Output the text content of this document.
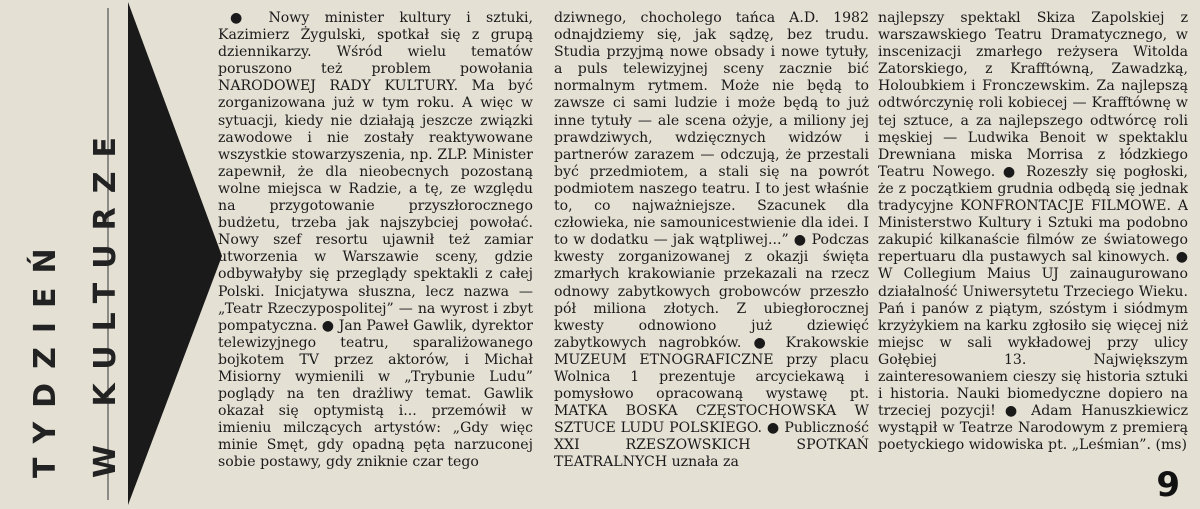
TYDZIEŃ W KULTURZE

● Nowy minister kultury i sztuki, Kazimierz Żygulski, spotkał się z grupą dziennikarzy. Wśród wielu tematów poruszono też problem powołania NARODOWEJ RADY KULTURY. Ma być zorganizowana już w tym roku. A więc w sytuacji, kiedy nie działają jeszcze związki zawodowe i nie zostały reaktywowane wszystkie stowarzyszenia, np. ZLP. Minister zapewnił, że dla nieobecnych pozostaną wolne miejsca w Radzie, a tę, ze względu na przygotowanie przyszłorocznego budżetu, trzeba jak najszybciej powołać. Nowy szef resortu ujawnił też zamiar utworzenia w Warszawie sceny, gdzie odbywałyby się przeglądy spektakli z całej Polski. Inicjatywa słuszna, lecz nazwa — „Teatr Rzeczypospolitej” — na wyrost i zbyt pompatyczna. ● Jan Paweł Gawlik, dyrektor telewizyjnego teatru, sparaliżowanego bojkotem TV przez aktorów, i Michał Misiorny wymienili w „Trybunie Ludu” poglądy na ten drażliwy temat. Gawlik okazał się optymistą i... przemówił w imieniu milczących artystów: „Gdy więc minie Smęt, gdy opadną pęta narzuconej sobie postawy, gdy zniknie czar tego

dziwnego, chocholego tańca A.D. 1982 odnajdziemy się, jak sądzę, bez trudu. Studia przyjmą nowe obsady i nowe tytuły, a puls telewizyjnej sceny zacznie bić normalnym rytmem. Może nie będą to zawsze ci sami ludzie i może będą to już inne tytuły — ale scena ożyje, a miliony jej prawdziwych, wdzięcznych widzów i partnerów zarazem — odczują, że przestali być przedmiotem, a stali się na powrót podmiotem naszego teatru. I to jest właśnie to, co najważniejsze. Szacunek dla człowieka, nie samounicestwienie dla idei. I to w dodatku — jak wątpliwej...” ● Podczas kwesty zorganizowanej z okazji święta zmarłych krakowianie przekazali na rzecz odnowy zabytkowych grobowców przeszło pół miliona złotych. Z ubiegłorocznej kwesty odnowiono już dziewięć zabytkowych nagrobków. ● Krakowskie MUZEUM ETNOGRAFICZNE przy placu Wolnica 1 prezentuje arcyciekawą i pomysłowo opracowaną wystawę pt. MATKA BOSKA CZĘSTOCHOWSKA W SZTUCE LUDU POLSKIEGO. ● Publiczność XXI RZESZOWSKICH SPOTKAŃ TEATRALNYCH uznała za

najlepszy spektakl Skiza Zapolskiej z warszawskiego Teatru Dramatycznego, w inscenizacji zmarłego reżysera Witolda Zatorskiego, z Krafftówną, Zawadzką, Holoubkiem i Fronczewskim. Za najlepszą odtwórczynię roli kobiecej — Krafftównę w tej sztuce, a za najlepszego odtwórcę roli męskiej — Ludwika Benoit w spektaklu Drewniana miska Morrisa z łódzkiego Teatru Nowego. ● Rozeszły się pogłoski, że z początkiem grudnia odbędą się jednak tradycyjne KONFRONTACJE FILMOWE. A Ministerstwo Kultury i Sztuki ma podobno zakupić kilkanaście filmów ze światowego repertuaru dla pustawych sal kinowych. ● W Collegium Maius UJ zainaugurowano działalność Uniwersytetu Trzeciego Wieku. Pań i panów z piątym, szóstym i siódmym krzyżykiem na karku zgłosiło się więcej niż miejsc w sali wykładowej przy ulicy Gołębiej 13. Największym zainteresowaniem cieszy się historia sztuki i historia. Nauki biomedyczne dopiero na trzeciej pozycji! ● Adam Hanuszkiewicz wystąpił w Teatrze Narodowym z premierą poetyckiego widowiska pt. „Leśmian”. (ms)

9
